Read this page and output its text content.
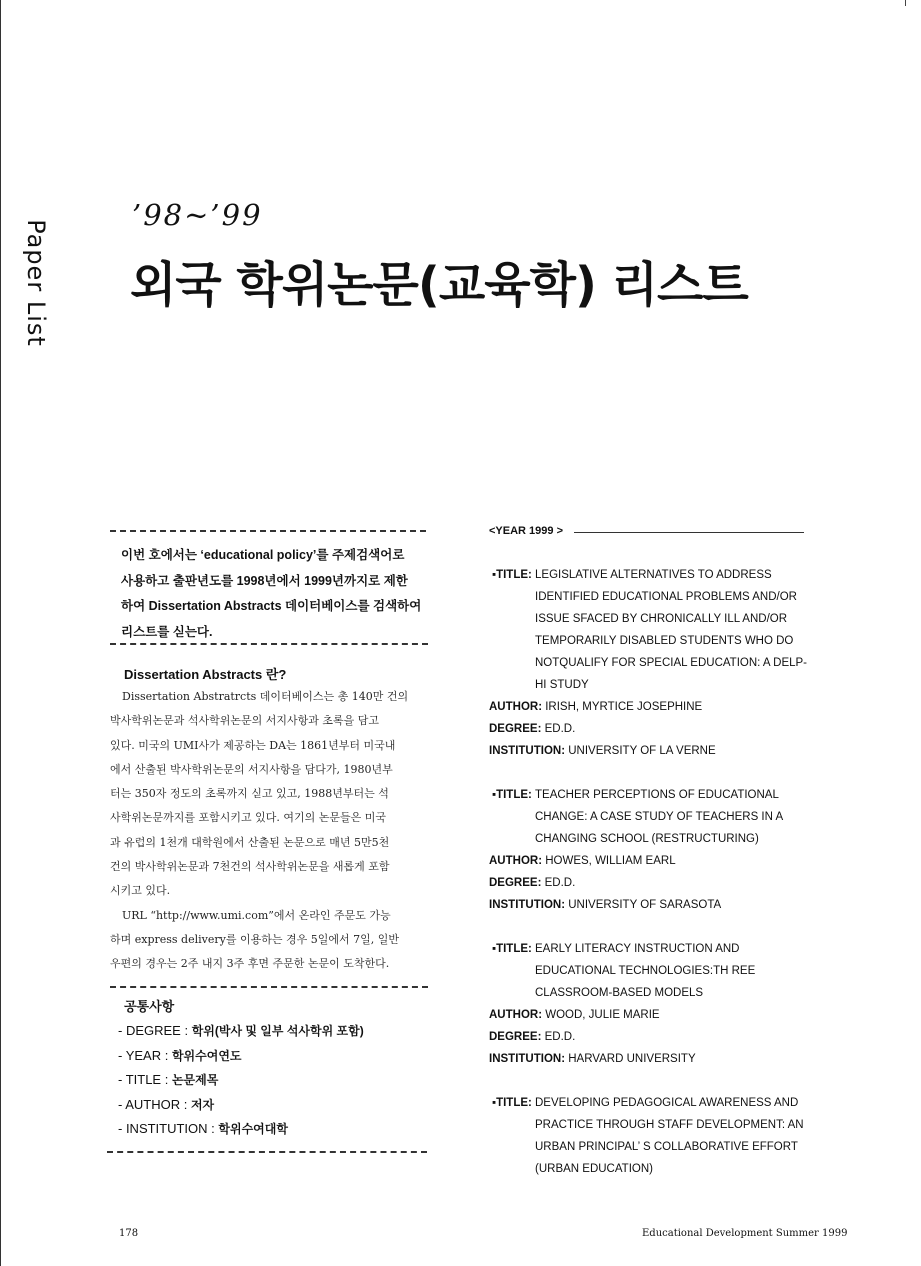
Paper List
’98∼’99
외국 학위논문(교육학) 리스트
이번 호에서는 ‘educational policy’를 주제검색어로
사용하고 출판년도를 1998년에서 1999년까지로 제한
하여 Dissertation Abstracts 데이터베이스를 검색하여
리스트를 싣는다.
Dissertation Abstracts 란?
Dissertation Abstratrcts 데이터베이스는 총 140만 건의
박사학위논문과 석사학위논문의 서지사항과 초록을 담고
있다. 미국의 UMI사가 제공하는 DA는 1861년부터 미국내
에서 산출된 박사학위논문의 서지사항을 담다가, 1980년부
터는 350자 정도의 초록까지 싣고 있고, 1988년부터는 석
사학위논문까지를 포함시키고 있다. 여기의 논문들은 미국
과 유럽의 1천개 대학원에서 산출된 논문으로 매년 5만5천
건의 박사학위논문과 7천건의 석사학위논문을 새롭게 포함
시키고 있다.
URL “http://www.umi.com”에서 온라인 주문도 가능
하며 express delivery를 이용하는 경우 5일에서 7일, 일반
우편의 경우는 2주 내지 3주 후면 주문한 논문이 도착한다.
공통사항
- DEGREE : 학위(박사 및 일부 석사학위 포함)
- YEAR : 학위수여연도
- TITLE : 논문제목
- AUTHOR : 저자
- INSTITUTION : 학위수여대학
<YEAR 1999 >
▪TITLE: LEGISLATIVE ALTERNATIVES TO ADDRESS
IDENTIFIED EDUCATIONAL PROBLEMS AND/OR
ISSUE SFACED BY CHRONICALLY ILL AND/OR
TEMPORARILY DISABLED STUDENTS WHO DO
NOTQUALIFY FOR SPECIAL EDUCATION: A DELP-
HI STUDY
AUTHOR: IRISH, MYRTICE JOSEPHINE
DEGREE: ED.D.
INSTITUTION: UNIVERSITY OF LA VERNE
▪TITLE: TEACHER PERCEPTIONS OF EDUCATIONAL
CHANGE: A CASE STUDY OF TEACHERS IN A
CHANGING SCHOOL (RESTRUCTURING)
AUTHOR: HOWES, WILLIAM EARL
DEGREE: ED.D.
INSTITUTION: UNIVERSITY OF SARASOTA
▪TITLE: EARLY LITERACY INSTRUCTION AND
EDUCATIONAL TECHNOLOGIES:TH REE
CLASSROOM-BASED MODELS
AUTHOR: WOOD, JULIE MARIE
DEGREE: ED.D.
INSTITUTION: HARVARD UNIVERSITY
▪TITLE: DEVELOPING PEDAGOGICAL AWARENESS AND
PRACTICE THROUGH STAFF DEVELOPMENT: AN
URBAN PRINCIPAL’ S COLLABORATIVE EFFORT
(URBAN EDUCATION)
178	Educational Development Summer 1999
